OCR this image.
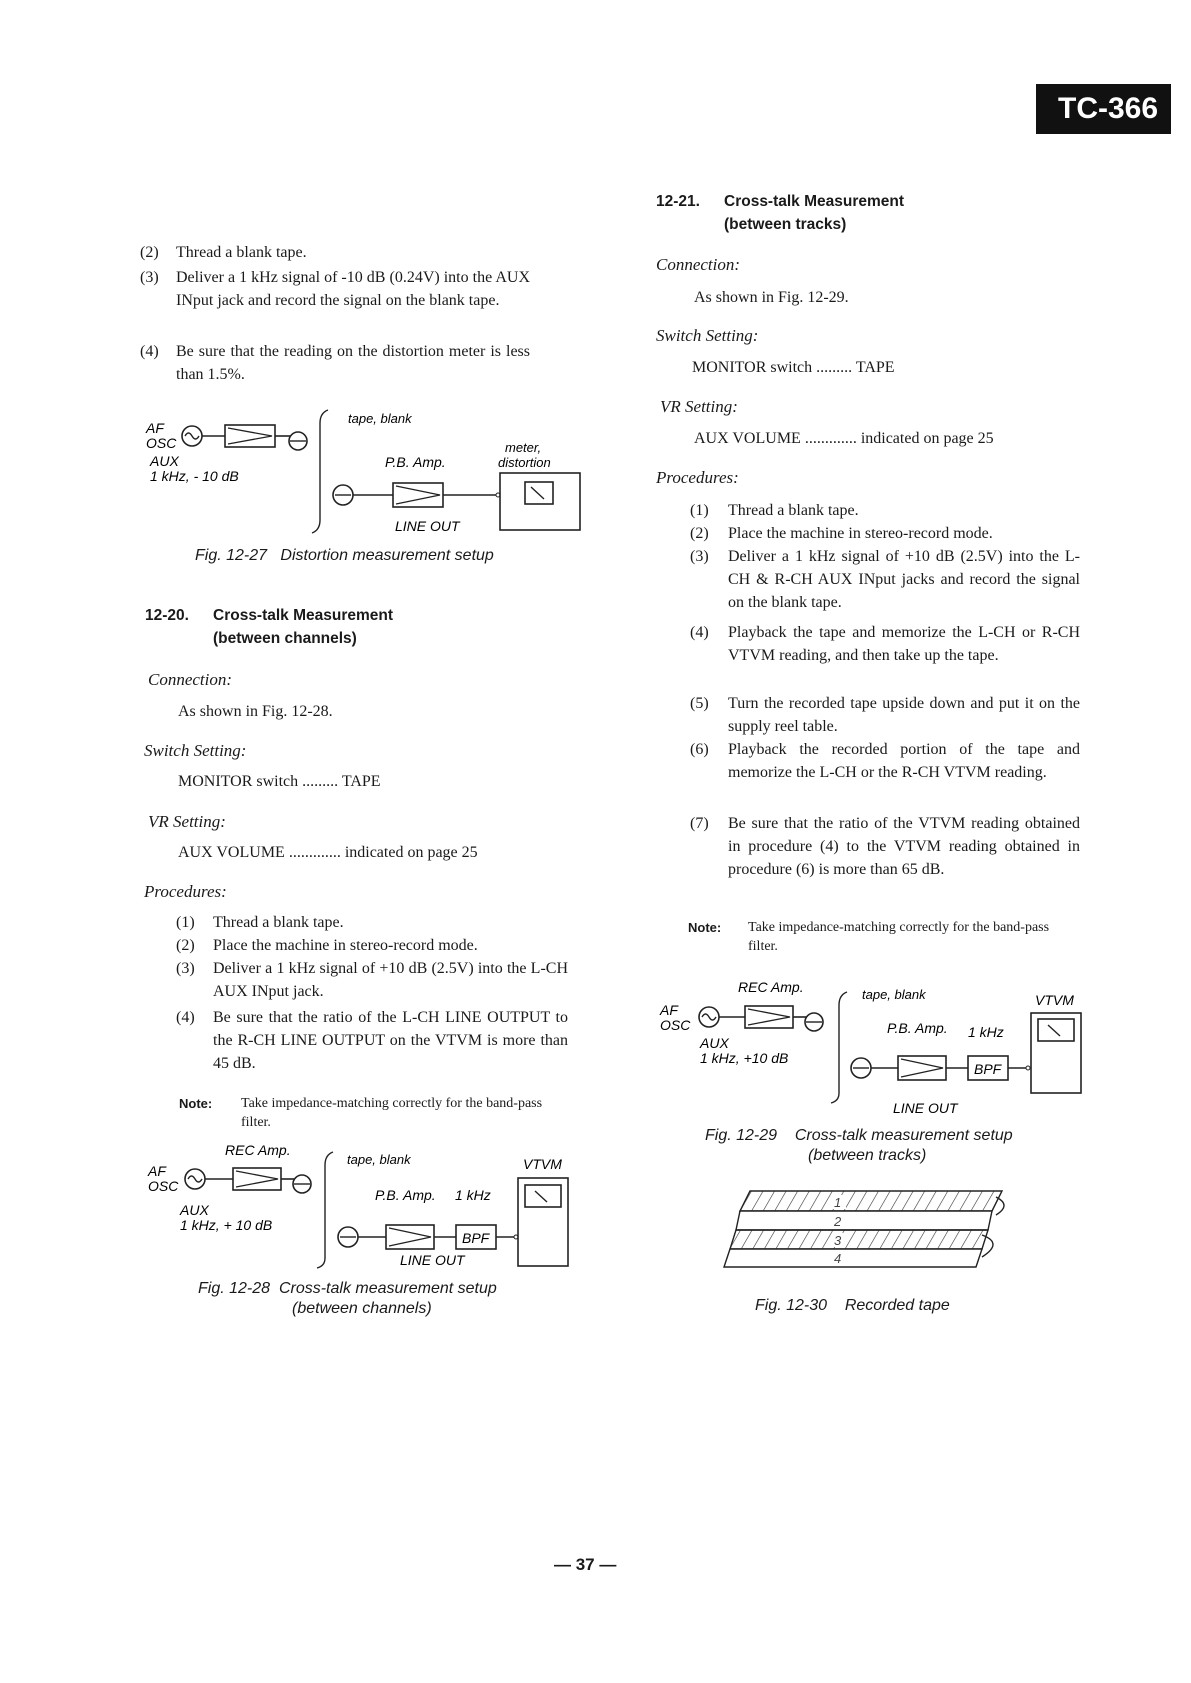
TC-366
(2) Thread a blank tape.
(3) Deliver a 1 kHz signal of -10 dB (0.24V) into the AUX INput jack and record the signal on the blank tape.
(4) Be sure that the reading on the distortion meter is less than 1.5%.
AF
OSC
AUX
1 kHz, - 10 dB
tape, blank
P.B. Amp.
meter,
distortion
LINE OUT
Fig. 12-27 Distortion measurement setup
12-20. Cross-talk Measurement
(between channels)
Connection:
As shown in Fig. 12-28.
Switch Setting:
MONITOR switch ......... TAPE
VR Setting:
AUX VOLUME ............. indicated on page 25
Procedures:
(1) Thread a blank tape.
(2) Place the machine in stereo-record mode.
(3) Deliver a 1 kHz signal of +10 dB (2.5V) into the L-CH AUX INput jack.
(4) Be sure that the ratio of the L-CH LINE OUTPUT to the R-CH LINE OUTPUT on the VTVM is more than 45 dB.
Note: Take impedance-matching correctly for the band-pass filter.
REC Amp.
AF
OSC
AUX
1 kHz, + 10 dB
tape, blank	VTVM
P.B. Amp. 1 kHz
BPF
LINE OUT
Fig. 12-28 Cross-talk measurement setup
(between channels)
12-21. Cross-talk Measurement
(between tracks)
Connection:
As shown in Fig. 12-29.
Switch Setting:
MONITOR switch ......... TAPE
VR Setting:
AUX VOLUME ............. indicated on page 25
Procedures:
(1) Thread a blank tape.
(2) Place the machine in stereo-record mode.
(3) Deliver a 1 kHz signal of +10 dB (2.5V) into the L-CH & R-CH AUX INput jacks and record the signal on the blank tape.
(4) Playback the tape and memorize the L-CH or R-CH VTVM reading, and then take up the tape.
(5) Turn the recorded tape upside down and put it on the supply reel table.
(6) Playback the recorded portion of the tape and memorize the L-CH or the R-CH VTVM reading.
(7) Be sure that the ratio of the VTVM reading obtained in procedure (4) to the VTVM reading obtained in procedure (6) is more than 65 dB.
Note: Take impedance-matching correctly for the band-pass filter.
REC Amp.
AF
OSC
AUX
1 kHz, +10 dB
tape, blank	VTVM
P.B. Amp. 1 kHz
BPF
LINE OUT
Fig. 12-29 Cross-talk measurement setup
(between tracks)
1
2
3
4
Fig. 12-30 Recorded tape
— 37 —
